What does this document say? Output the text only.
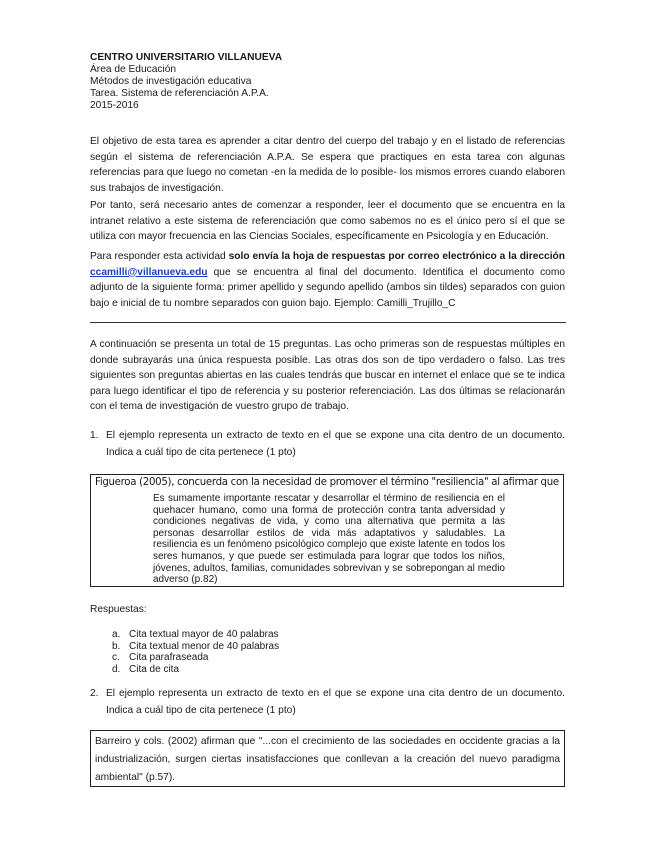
CENTRO UNIVERSITARIO VILLANUEVA
Área de Educación
Métodos de investigación educativa
Tarea. Sistema de referenciación A.P.A.
2015-2016
El objetivo de esta tarea es aprender a citar dentro del cuerpo del trabajo y en el listado de referencias según el sistema de referenciación A.P.A. Se espera que practiques en esta tarea con algunas referencias para que luego no cometan -en la medida de lo posible- los mismos errores cuando elaboren sus trabajos de investigación.
Por tanto, será necesario antes de comenzar a responder, leer el documento que se encuentra en la intranet relativo a este sistema de referenciación que como sabemos no es el único pero sí el que se utiliza con mayor frecuencia en las Ciencias Sociales, específicamente en Psicología y en Educación.
Para responder esta actividad solo envía la hoja de respuestas por correo electrónico a la dirección ccamilli@villanueva.edu que se encuentra al final del documento. Identifica el documento como adjunto de la siguiente forma: primer apellido y segundo apellido (ambos sin tildes) separados con guion bajo e inicial de tu nombre separados con guion bajo. Ejemplo: Camilli_Trujillo_C
A continuación se presenta un total de 15 preguntas. Las ocho primeras son de respuestas múltiples en donde subrayarás una única respuesta posible. Las otras dos son de tipo verdadero o falso. Las tres siguientes son preguntas abiertas en las cuales tendrás que buscar en internet el enlace que se te indica para luego identificar el tipo de referencia y su posterior referenciación. Las dos últimas se relacionarán con el tema de investigación de vuestro grupo de trabajo.
1. El ejemplo representa un extracto de texto en el que se expone una cita dentro de un documento. Indica a cuál tipo de cita pertenece (1 pto)
Figueroa (2005), concuerda con la necesidad de promover el término "resiliencia" al afirmar que
Es sumamente importante rescatar y desarrollar el término de resiliencia en el quehacer humano, como una forma de protección contra tanta adversidad y condiciones negativas de vida, y como una alternativa que permita a las personas desarrollar estilos de vida más adaptativos y saludables. La resiliencia es un fenómeno psicológico complejo que existe latente en todos los seres humanos, y que puede ser estimulada para lograr que todos los niños, jóvenes, adultos, familias, comunidades sobrevivan y se sobrepongan al medio adverso (p.82)
Respuestas:
a. Cita textual mayor de 40 palabras
b. Cita textual menor de 40 palabras
c. Cita parafraseada
d. Cita de cita
2. El ejemplo representa un extracto de texto en el que se expone una cita dentro de un documento. Indica a cuál tipo de cita pertenece (1 pto)
Barreiro y cols. (2002) afirman que "...con el crecimiento de las sociedades en occidente gracias a la industrialización, surgen ciertas insatisfacciones que conllevan a la creación del nuevo paradigma ambiental" (p.57).
